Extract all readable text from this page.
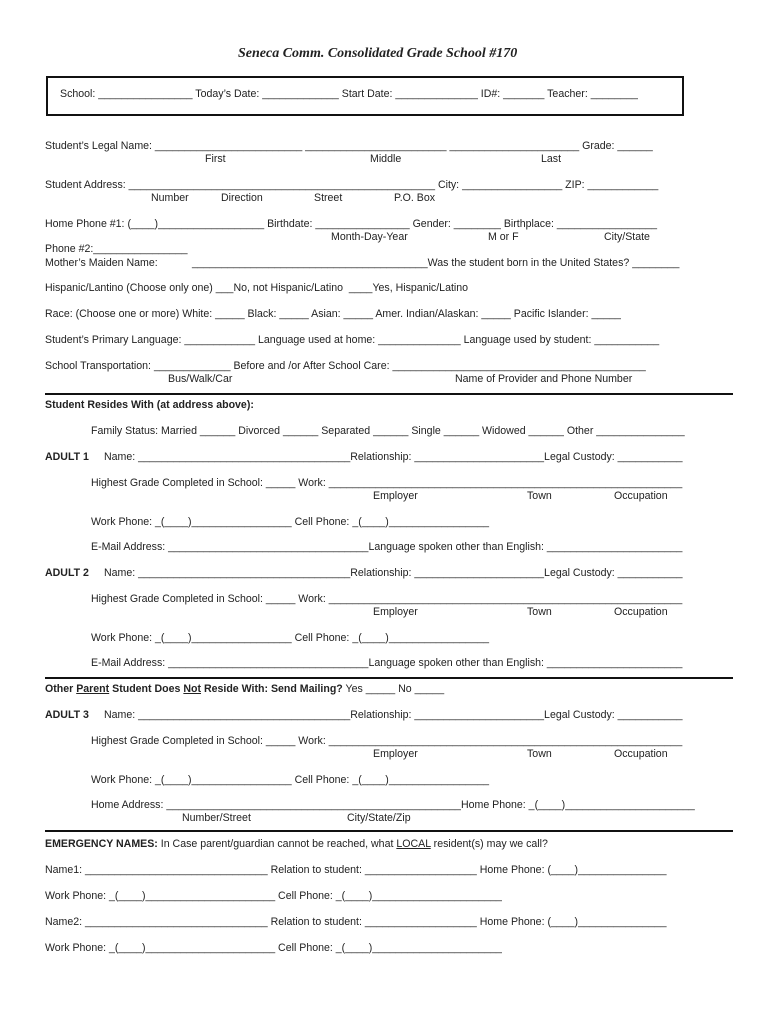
Seneca Comm. Consolidated Grade School #170
School: ________________ Today’s Date: _____________ Start Date: ______________ ID#: _______ Teacher: ________
Student’s Legal Name: _________________________ ________________________ ______________________ Grade: ______
First	Middle	Last
Student Address: ____________________________________________________ City: _________________ ZIP: ____________
Number	Direction	Street	P.O. Box
Home Phone #1: (____)__________________ Birthdate: ________________ Gender: ________ Birthplace: _________________
Month-Day-Year	M or F	City/State
Phone #2:________________
Mother’s Maiden Name:	________________________________________Was the student born in the United States? ________
Hispanic/Lantino (Choose only one) ___No, not Hispanic/Latino  ____Yes, Hispanic/Latino
Race: (Choose one or more) White: _____ Black: _____ Asian: _____ Amer. Indian/Alaskan: _____ Pacific Islander: _____
Student’s Primary Language: ____________ Language used at home: ______________ Language used by student: ___________
School Transportation: _____________ Before and /or After School Care: ___________________________________________
Bus/Walk/Car	Name of Provider and Phone Number
Student Resides With (at address above):
Family Status: Married ______ Divorced ______ Separated ______ Single ______ Widowed ______ Other _______________
ADULT 1 Name: ____________________________________Relationship: ______________________Legal Custody: ___________
Highest Grade Completed in School: _____ Work: ____________________________________________________________
Employer	Town	Occupation
Work Phone: _(____)_________________ Cell Phone: _(____)_________________
E-Mail Address: __________________________________Language spoken other than English: _______________________
ADULT 2 Name: ____________________________________Relationship: ______________________Legal Custody: ___________
Highest Grade Completed in School: _____ Work: ____________________________________________________________
Employer	Town	Occupation
Work Phone: _(____)_________________ Cell Phone: _(____)_________________
E-Mail Address: __________________________________Language spoken other than English: _______________________
Other Parent Student Does Not Reside With: Send Mailing? Yes _____ No _____
ADULT 3 Name: ____________________________________Relationship: ______________________Legal Custody: ___________
Highest Grade Completed in School: _____ Work: ____________________________________________________________
Employer	Town	Occupation
Work Phone: _(____)_________________ Cell Phone: _(____)_________________
Home Address: __________________________________________________Home Phone: _(____)______________________
Number/Street	City/State/Zip
EMERGENCY NAMES: In Case parent/guardian cannot be reached, what LOCAL resident(s) may we call?
Name1: _______________________________ Relation to student: ___________________ Home Phone: (____)_______________
Work Phone: _(____)______________________ Cell Phone: _(____)______________________
Name2: _______________________________ Relation to student: ___________________ Home Phone: (____)_______________
Work Phone: _(____)______________________ Cell Phone: _(____)______________________
